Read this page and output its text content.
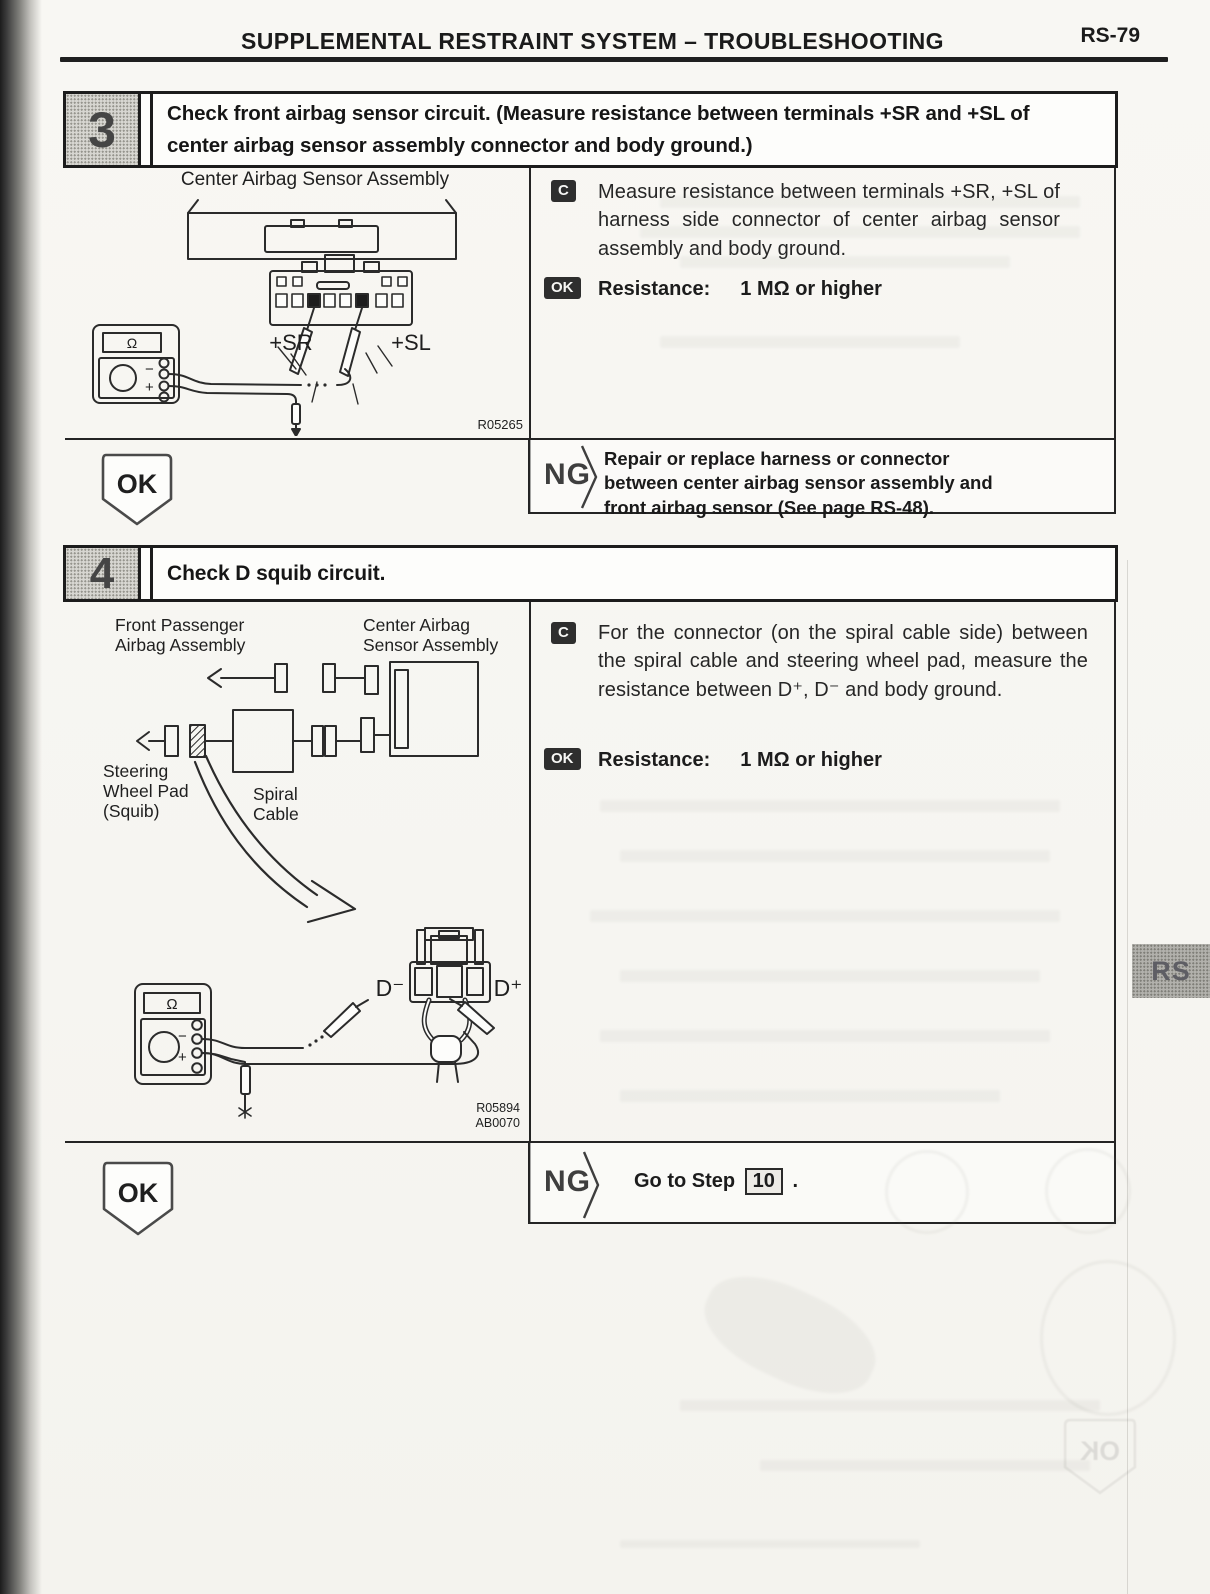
SUPPLEMENTAL RESTRAINT SYSTEM – TROUBLESHOOTING	RS-79
3	Check front airbag sensor circuit. (Measure resistance between terminals +SR and +SL of center airbag sensor assembly connector and body ground.)
Center Airbag Sensor Assembly
+SR	+SL
Ω
−
+
R05265
C	Measure resistance between terminals +SR, +SL of harness side connector of center airbag sensor assembly and body ground.
OK	Resistance: 1 MΩ or higher
NG Repair or replace harness or connector between center airbag sensor assembly and front airbag sensor (See page RS-48).
OK
4	Check D squib circuit.
Front Passenger
Airbag Assembly
Center Airbag
Sensor Assembly
Steering
Wheel Pad
(Squib)
Spiral
Cable
D⁻	D⁺
Ω
−
+
R05894
AB0070
C	For the connector (on the spiral cable side) between the spiral cable and steering wheel pad, measure the resistance between D⁺, D⁻ and body ground.
OK	Resistance: 1 MΩ or higher
NG Go to Step 10 .
OK
RS
OK
